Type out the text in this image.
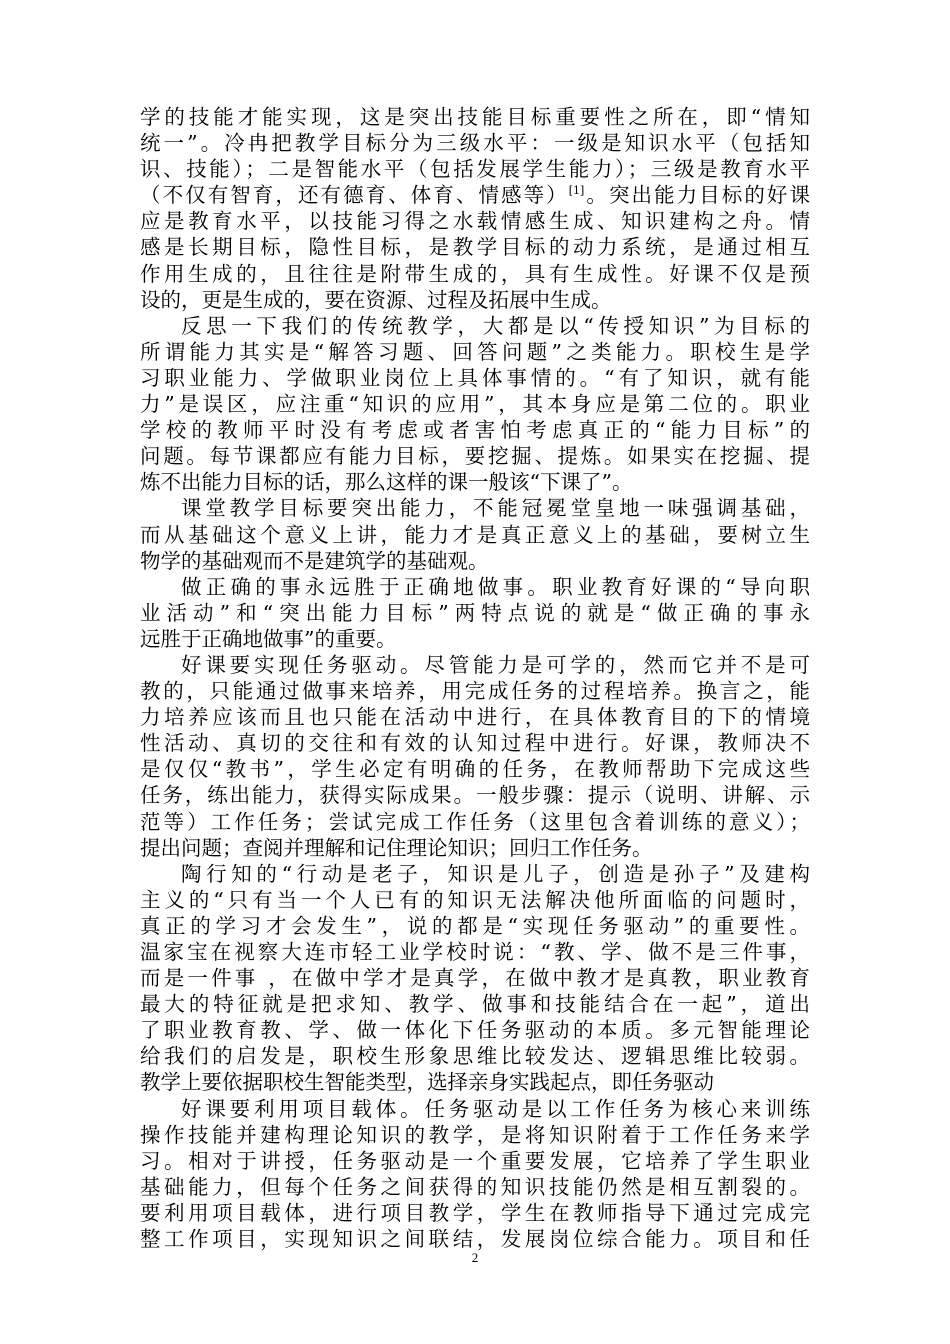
学的技能才能实现，这是突出技能目标重要性之所在，即“情知
统一”。冷冉把教学目标分为三级水平：一级是知识水平（包括知
识、技能）；二是智能水平（包括发展学生能力）；三级是教育水平
（不仅有智育，还有德育、体育、情感等）[1]。突出能力目标的好课
应是教育水平，以技能习得之水载情感生成、知识建构之舟。情
感是长期目标，隐性目标，是教学目标的动力系统，是通过相互
作用生成的，且往往是附带生成的，具有生成性。好课不仅是预
设的，更是生成的，要在资源、过程及拓展中生成。
反思一下我们的传统教学，大都是以“传授知识”为目标的
所谓能力其实是“解答习题、回答问题”之类能力。职校生是学
习职业能力、学做职业岗位上具体事情的。“有了知识，就有能
力”是误区，应注重“知识的应用”，其本身应是第二位的。职业
学校的教师平时没有考虑或者害怕考虑真正的“能力目标”的
问题。每节课都应有能力目标，要挖掘、提炼。如果实在挖掘、提
炼不出能力目标的话，那么这样的课一般该“下课了”。
课堂教学目标要突出能力，不能冠冕堂皇地一味强调基础，
而从基础这个意义上讲，能力才是真正意义上的基础，要树立生
物学的基础观而不是建筑学的基础观。
做正确的事永远胜于正确地做事。职业教育好课的“导向职
业活动”和“突出能力目标”两特点说的就是“做正确的事永
远胜于正确地做事”的重要。
好课要实现任务驱动。尽管能力是可学的，然而它并不是可
教的，只能通过做事来培养，用完成任务的过程培养。换言之，能
力培养应该而且也只能在活动中进行，在具体教育目的下的情境
性活动、真切的交往和有效的认知过程中进行。好课，教师决不
是仅仅“教书”，学生必定有明确的任务，在教师帮助下完成这些
任务，练出能力，获得实际成果。一般步骤：提示（说明、讲解、示
范等）工作任务；尝试完成工作任务（这里包含着训练的意义）；
提出问题；查阅并理解和记住理论知识；回归工作任务。
陶行知的“行动是老子，知识是儿子，创造是孙子”及建构
主义的“只有当一个人已有的知识无法解决他所面临的问题时，
真正的学习才会发生”，说的都是“实现任务驱动”的重要性。
温家宝在视察大连市轻工业学校时说：“教、学、做不是三件事，
而是一件事 ，在做中学才是真学，在做中教才是真教，职业教育
最大的特征就是把求知、教学、做事和技能结合在一起”，道出
了职业教育教、学、做一体化下任务驱动的本质。多元智能理论
给我们的启发是，职校生形象思维比较发达、逻辑思维比较弱。
教学上要依据职校生智能类型，选择亲身实践起点，即任务驱动
好课要利用项目载体。任务驱动是以工作任务为核心来训练
操作技能并建构理论知识的教学，是将知识附着于工作任务来学
习。相对于讲授，任务驱动是一个重要发展，它培养了学生职业
基础能力，但每个任务之间获得的知识技能仍然是相互割裂的。
要利用项目载体，进行项目教学，学生在教师指导下通过完成完
整工作项目，实现知识之间联结，发展岗位综合能力。项目和任
2
